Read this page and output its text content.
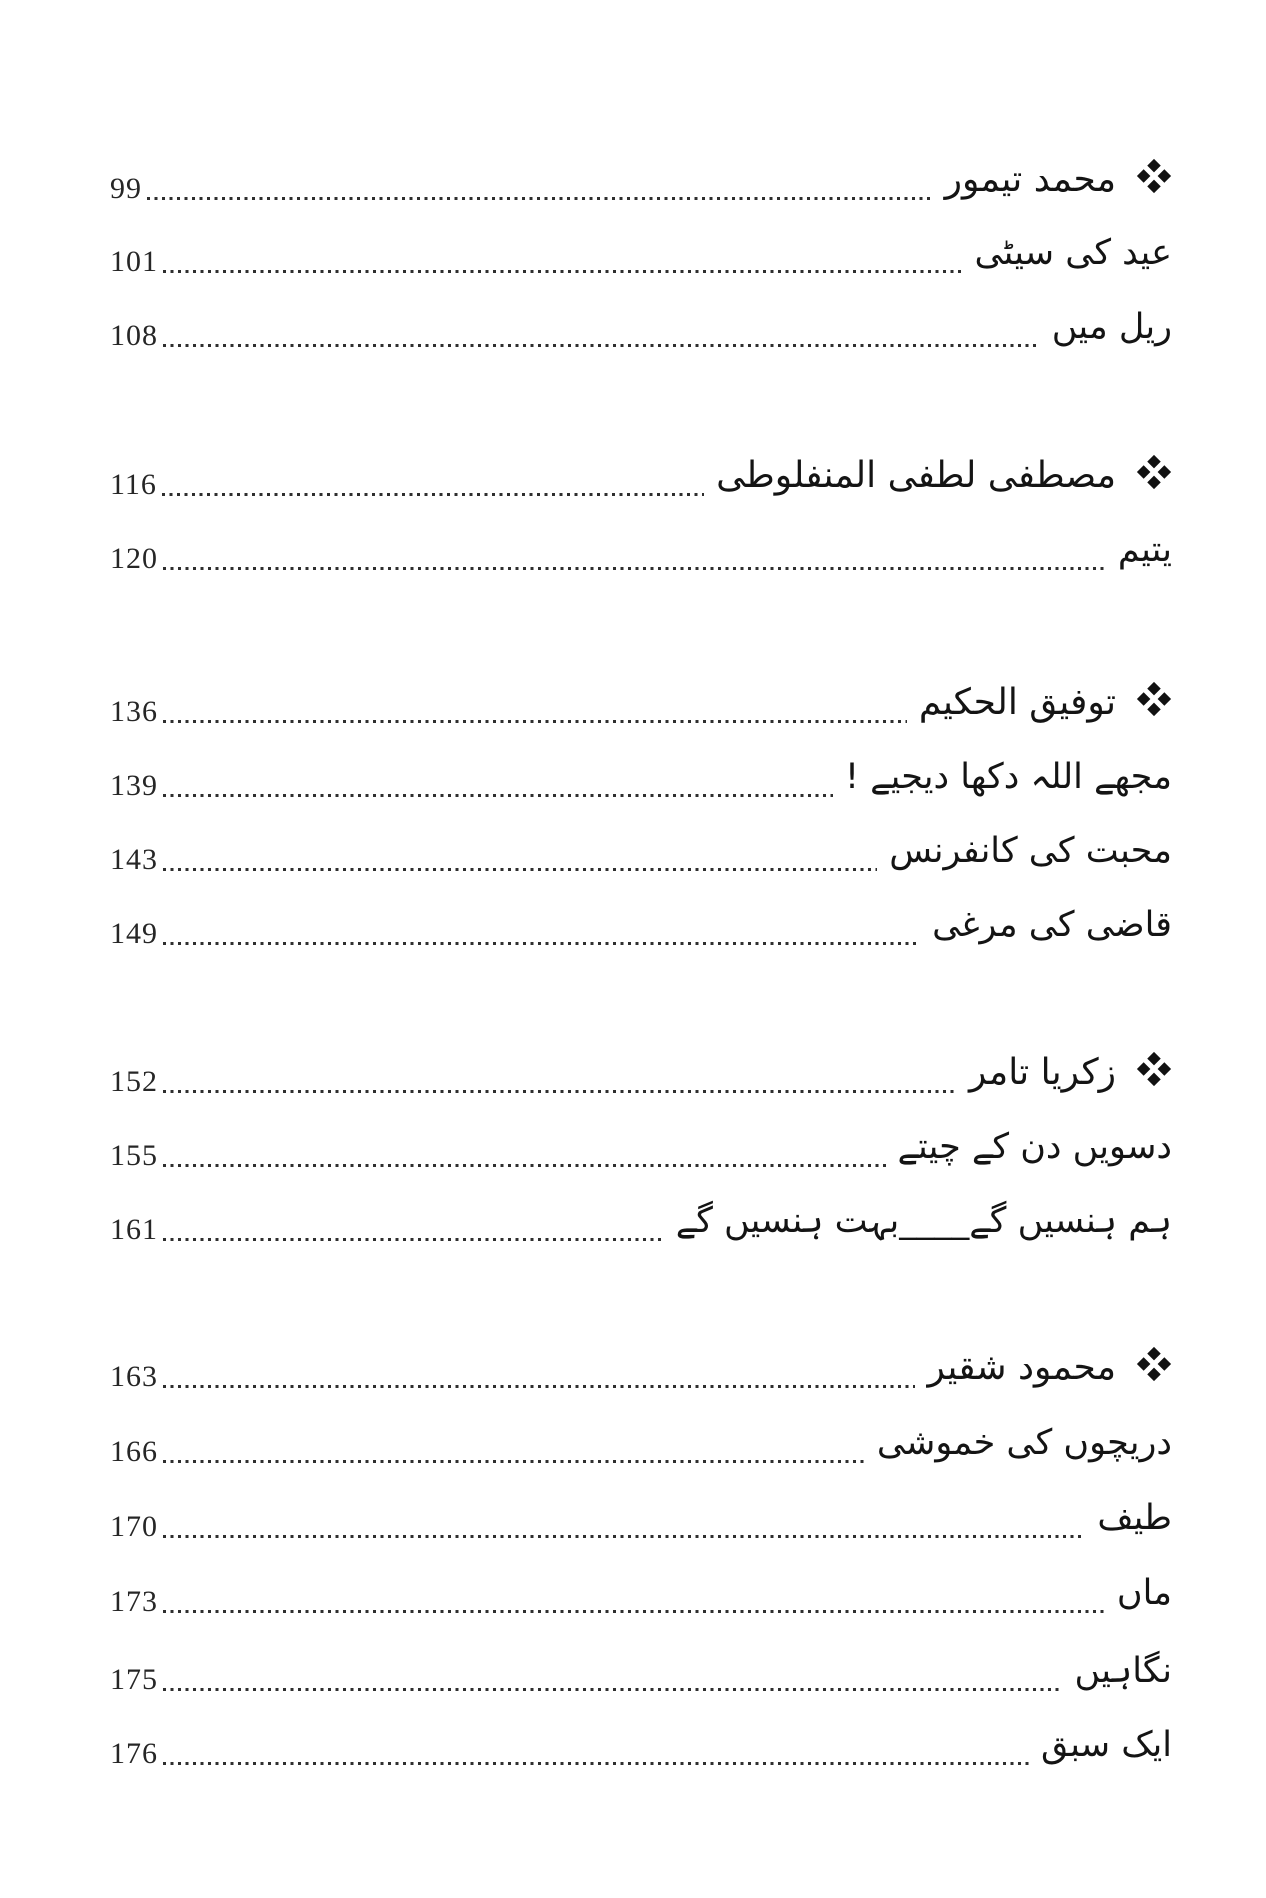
99	محمد تیمور
101	عید کی سیٹی
108	ریل میں
116	مصطفی لطفی المنفلوطی
120	یتیم
136	توفیق الحکیم
139	مجھے اللہ دکھا دیجیے !
143	محبت کی کانفرنس
149	قاضی کی مرغی
152	زکریا تامر
155	دسویں دن کے چیتے
161	ہم ہنسیں گے____بہت ہنسیں گے
163	محمود شقیر
166	دریچوں کی خموشی
170	طیف
173	ماں
175	نگاہیں
176	ایک سبق
